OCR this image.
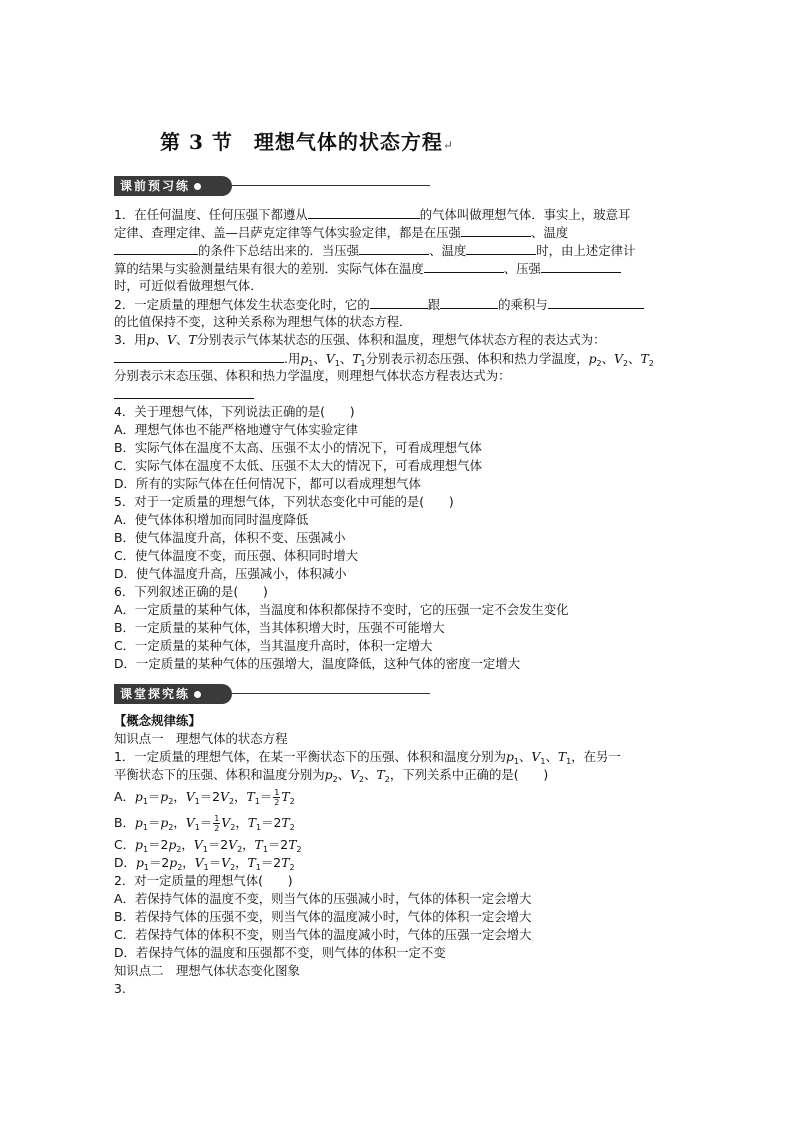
第 3 节　理想气体的状态方程↵
课前预习练
1．在任何温度、任何压强下都遵从	的气体叫做理想气体．事实上，玻意耳
定律、查理定律、盖—吕萨克定律等气体实验定律，都是在压强	、温度
的条件下总结出来的．当压强	、温度	时，由上述定律计
算的结果与实验测量结果有很大的差别．实际气体在温度	、压强
时，可近似看做理想气体．
2．一定质量的理想气体发生状态变化时，它的	跟	的乘积与
的比值保持不变，这种关系称为理想气体的状态方程．
3．用p、V、T分别表示气体某状态的压强、体积和温度，理想气体状态方程的表达式为：
.用$p_1$、$V_1$、$T_1$分别表示初态压强、体积和热力学温度，$p_2$、$V_2$、$T_2$
分别表示末态压强、体积和热力学温度，则理想气体状态方程表达式为：
4．关于理想气体，下列说法正确的是(　　)
A．理想气体也不能严格地遵守气体实验定律
B．实际气体在温度不太高、压强不太小的情况下，可看成理想气体
C．实际气体在温度不太低、压强不太大的情况下，可看成理想气体
D．所有的实际气体在任何情况下，都可以看成理想气体
5．对于一定质量的理想气体，下列状态变化中可能的是(　　)
A．使气体体积增加而同时温度降低
B．使气体温度升高，体积不变、压强减小
C．使气体温度不变，而压强、体积同时增大
D．使气体温度升高，压强减小，体积减小
6．下列叙述正确的是(　　)
A．一定质量的某种气体，当温度和体积都保持不变时，它的压强一定不会发生变化
B．一定质量的某种气体，当其体积增大时，压强不可能增大
C．一定质量的某种气体，当其温度升高时，体积一定增大
D．一定质量的某种气体的压强增大，温度降低，这种气体的密度一定增大
课堂探究练
【概念规律练】
知识点一　理想气体的状态方程
1．一定质量的理想气体，在某一平衡状态下的压强、体积和温度分别为$p_1$、$V_1$、$T_1$，在另一
平衡状态下的压强、体积和温度分别为$p_2$、$V_2$、$T_2$，下列关系中正确的是(　　)
A．$p_1=p_2$，$V_1=2V_2$，$T_1= \frac{1}{2} T_2$
B．$p_1=p_2$，$V_1= \frac{1}{2} V_2$，$T_1=2T_2$
C．$p_1=2p_2$，$V_1=2V_2$，$T_1=2T_2$
D．$p_1=2p_2$，$V_1=V_2$，$T_1=2T_2$
2．对一定质量的理想气体(　　)
A．若保持气体的温度不变，则当气体的压强减小时，气体的体积一定会增大
B．若保持气体的压强不变，则当气体的温度减小时，气体的体积一定会增大
C．若保持气体的体积不变，则当气体的温度减小时，气体的压强一定会增大
D．若保持气体的温度和压强都不变，则气体的体积一定不变
知识点二　理想气体状态变化图象
3.
